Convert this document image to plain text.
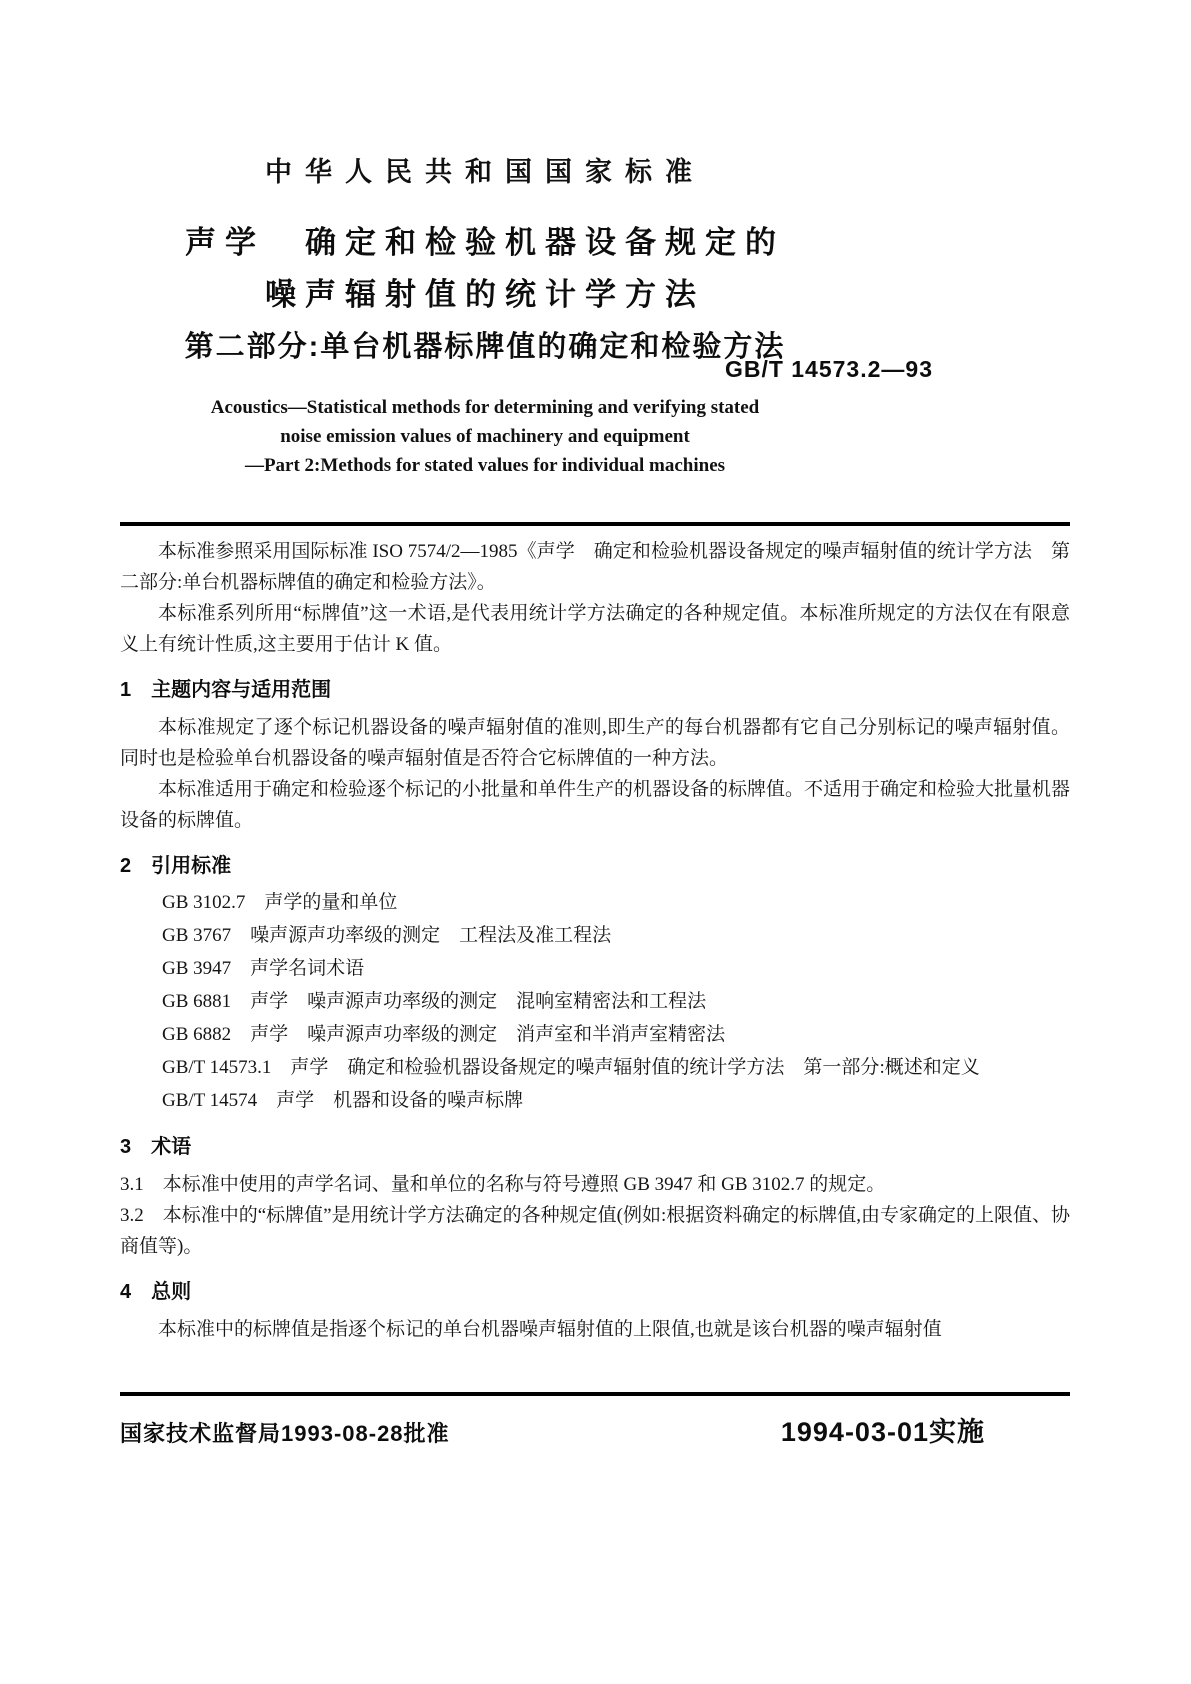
中华人民共和国国家标准
声学　确定和检验机器设备规定的
噪声辐射值的统计学方法
第二部分:单台机器标牌值的确定和检验方法
GB/T 14573.2—93
Acoustics—Statistical methods for determining and verifying stated
noise emission values of machinery and equipment
—Part 2:Methods for stated values for individual machines

本标准参照采用国际标准 ISO 7574/2—1985《声学　确定和检验机器设备规定的噪声辐射值的统计学方法　第二部分:单台机器标牌值的确定和检验方法》。

本标准系列所用“标牌值”这一术语,是代表用统计学方法确定的各种规定值。本标准所规定的方法仅在有限意义上有统计性质,这主要用于估计 K 值。

1　主题内容与适用范围

本标准规定了逐个标记机器设备的噪声辐射值的准则,即生产的每台机器都有它自己分别标记的噪声辐射值。同时也是检验单台机器设备的噪声辐射值是否符合它标牌值的一种方法。

本标准适用于确定和检验逐个标记的小批量和单件生产的机器设备的标牌值。不适用于确定和检验大批量机器设备的标牌值。

2　引用标准
GB 3102.7　声学的量和单位
GB 3767　噪声源声功率级的测定　工程法及准工程法
GB 3947　声学名词术语
GB 6881　声学　噪声源声功率级的测定　混响室精密法和工程法
GB 6882　声学　噪声源声功率级的测定　消声室和半消声室精密法
GB/T 14573.1　声学　确定和检验机器设备规定的噪声辐射值的统计学方法　第一部分:概述和定义
GB/T 14574　声学　机器和设备的噪声标牌
3　术语

3.1　本标准中使用的声学名词、量和单位的名称与符号遵照 GB 3947 和 GB 3102.7 的规定。

3.2　本标准中的“标牌值”是用统计学方法确定的各种规定值(例如:根据资料确定的标牌值,由专家确定的上限值、协商值等)。

4　总则

本标准中的标牌值是指逐个标记的单台机器噪声辐射值的上限值,也就是该台机器的噪声辐射值

国家技术监督局1993-08-28批准	1994-03-01实施
